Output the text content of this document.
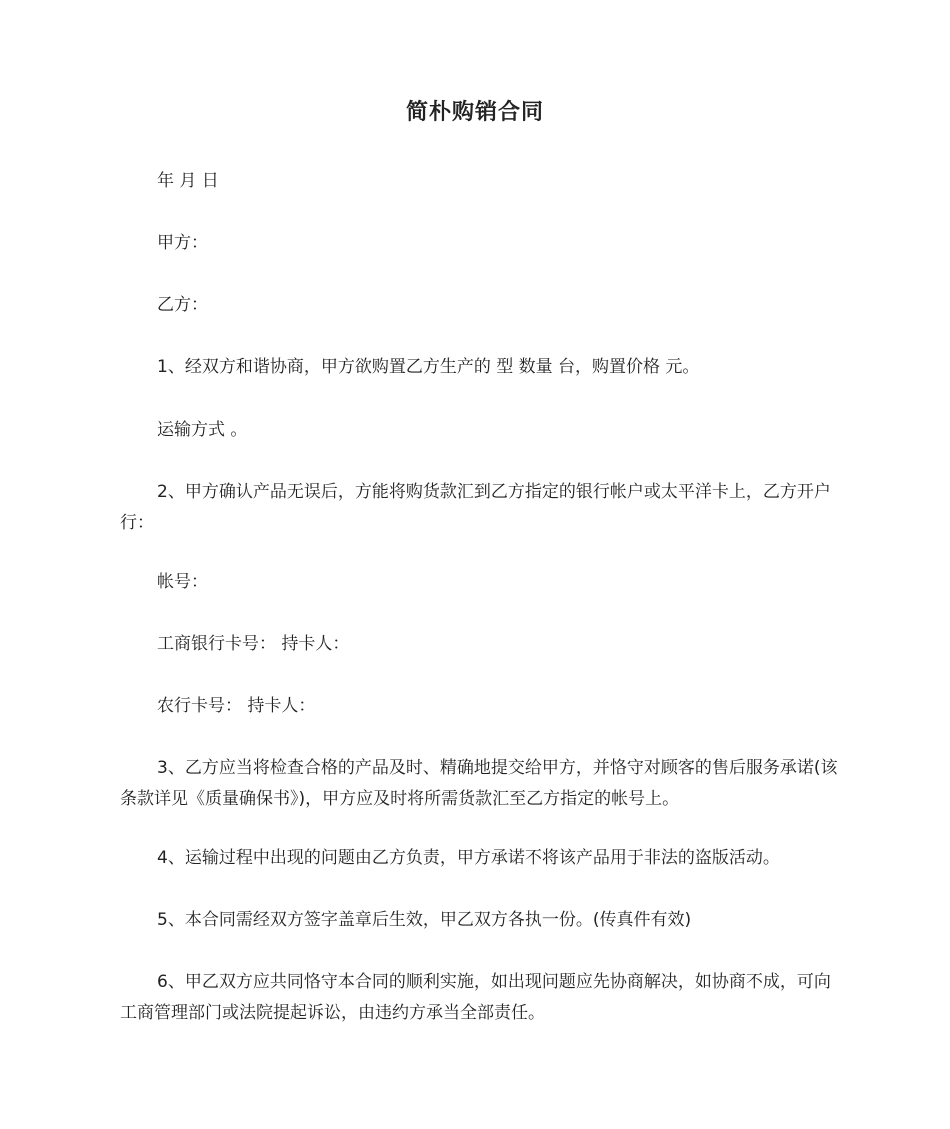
简朴购销合同

年 月 日

甲方：

乙方：

1、经双方和谐协商，甲方欲购置乙方生产的 型 数量 台，购置价格 元。

运输方式 。

2、甲方确认产品无误后，方能将购货款汇到乙方指定的银行帐户或太平洋卡上，乙方开户行：

帐号：

工商银行卡号： 持卡人：

农行卡号： 持卡人：

3、乙方应当将检查合格的产品及时、精确地提交给甲方，并恪守对顾客的售后服务承诺(该条款详见《质量确保书》)，甲方应及时将所需货款汇至乙方指定的帐号上。

4、运输过程中出现的问题由乙方负责，甲方承诺不将该产品用于非法的盗版活动。

5、本合同需经双方签字盖章后生效，甲乙双方各执一份。(传真件有效)

6、甲乙双方应共同恪守本合同的顺利实施，如出现问题应先协商解决，如协商不成，可向工商管理部门或法院提起诉讼，由违约方承当全部责任。
